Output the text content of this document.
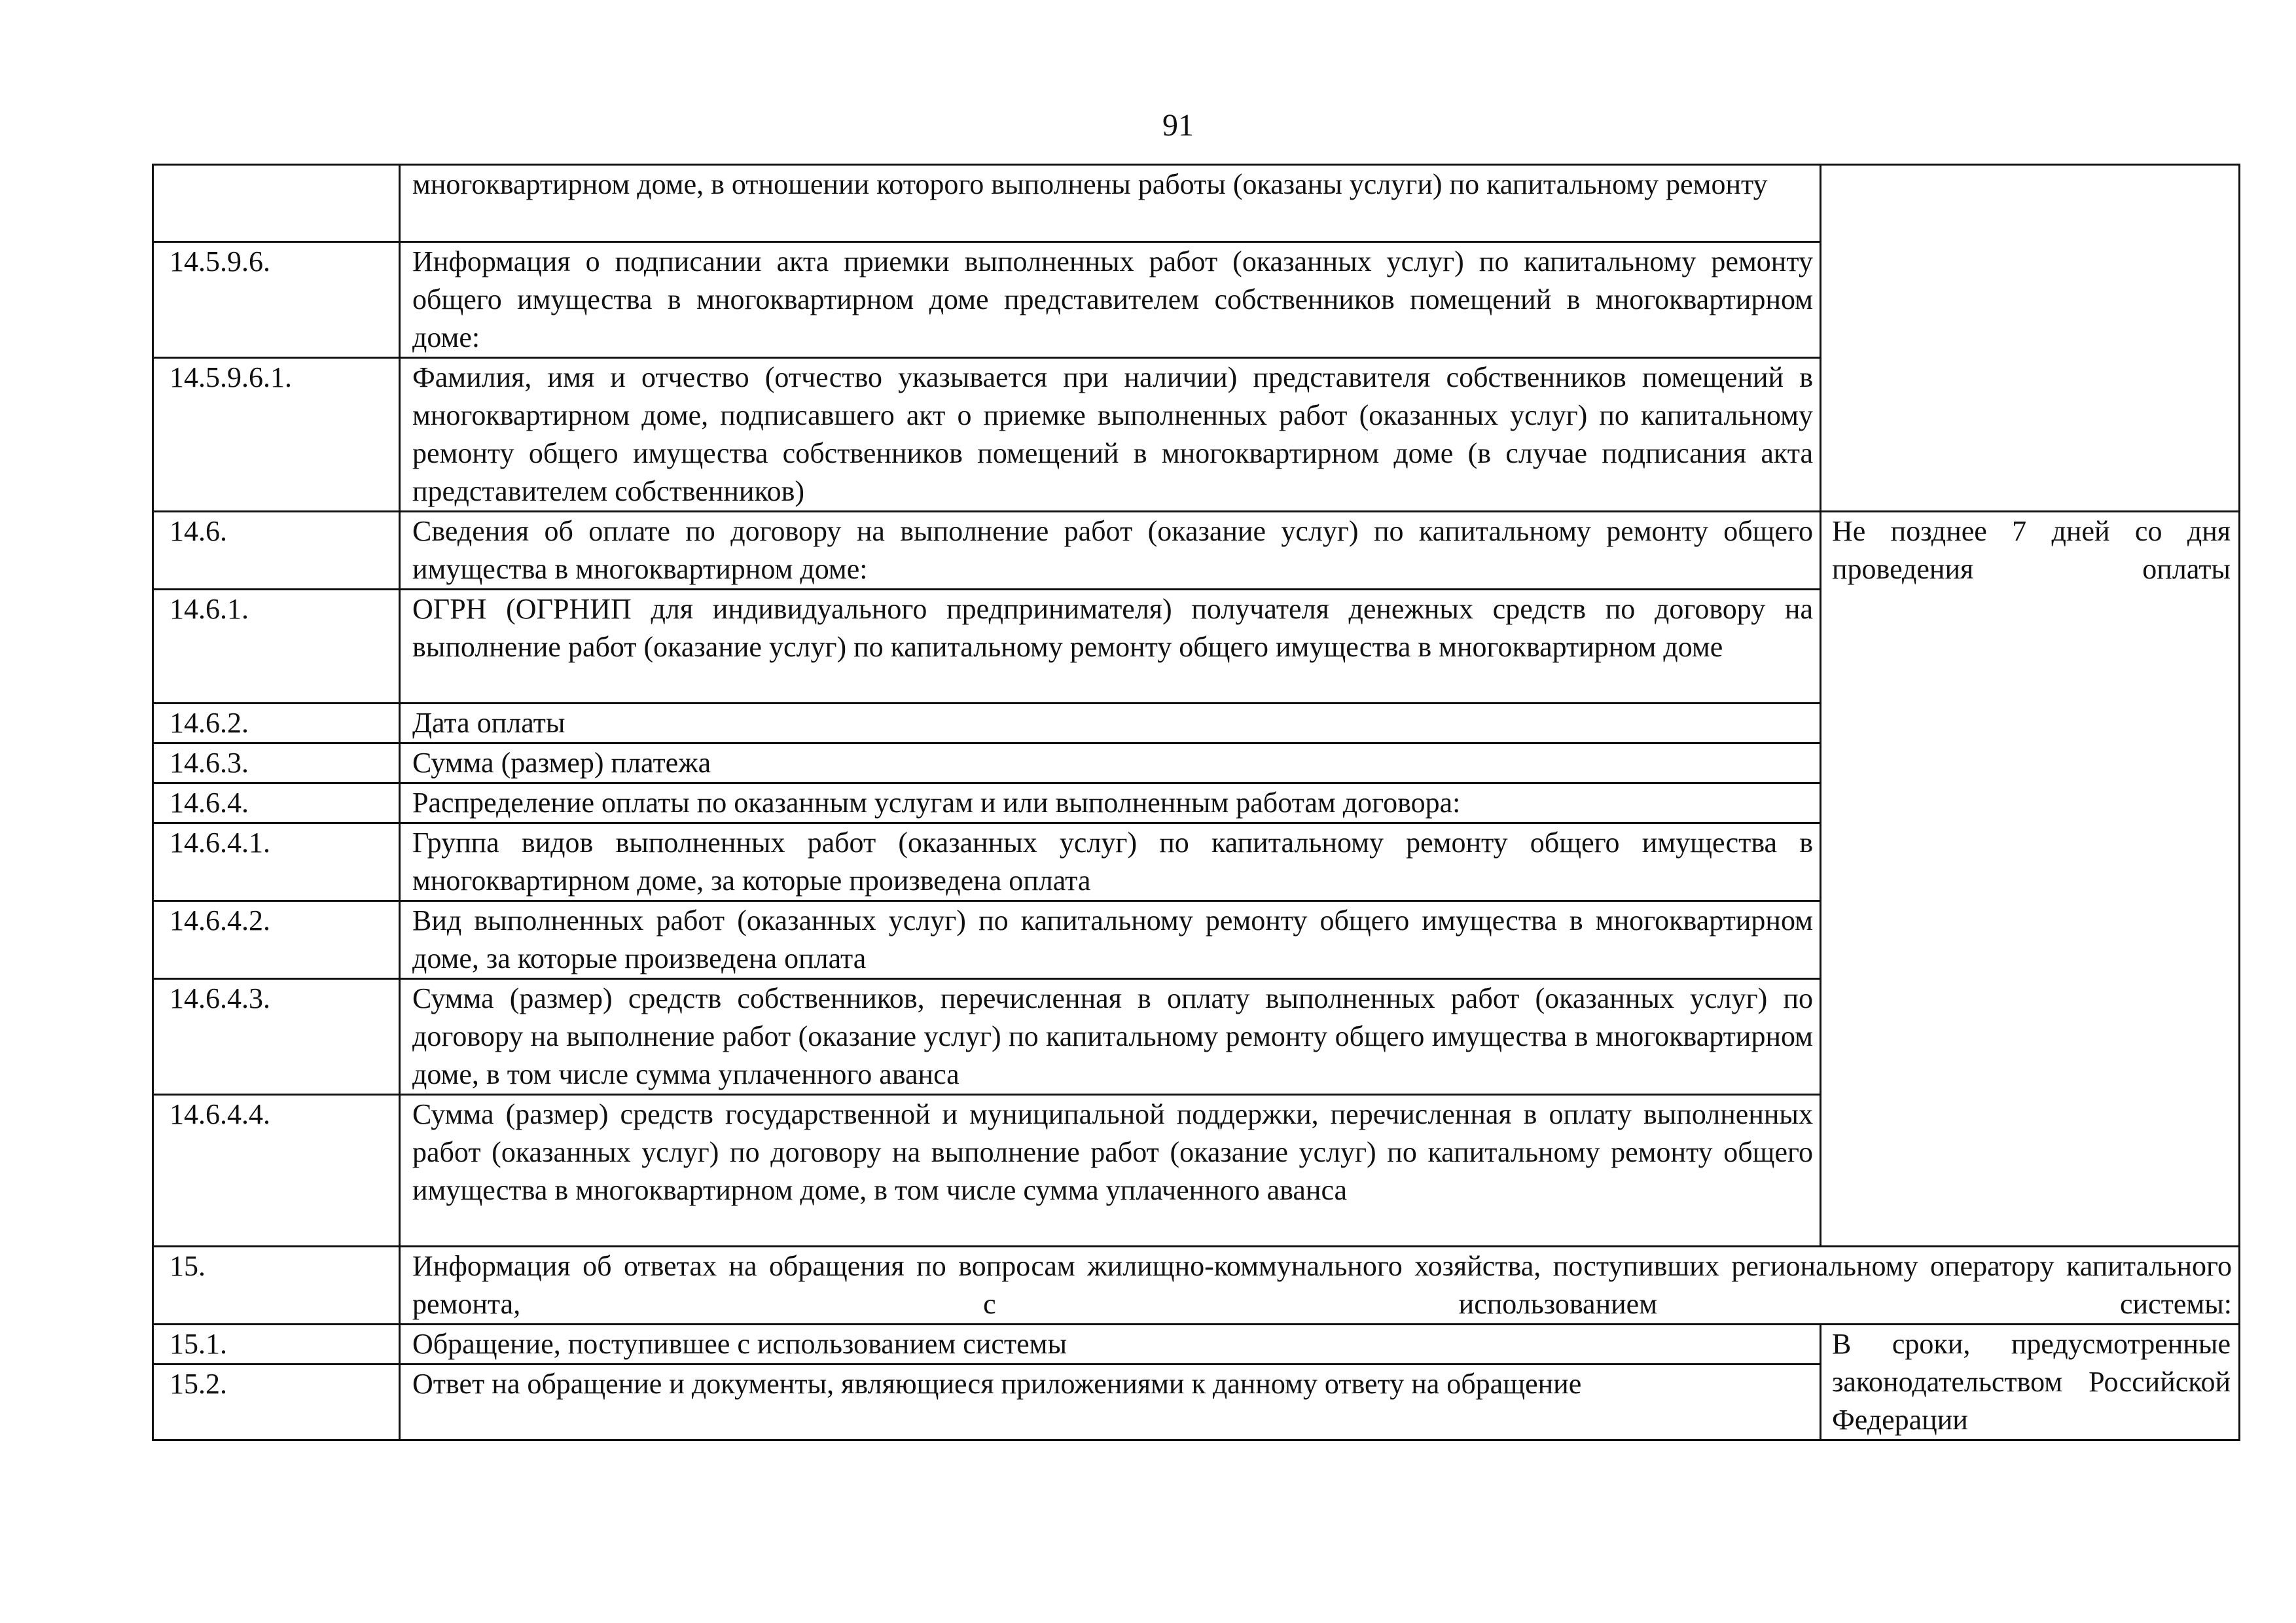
91
	многоквартирном доме, в отношении которого выполнены работы (оказаны услуги) по капитальному ремонту	
14.5.9.6.	Информация о подписании акта приемки выполненных работ (оказанных услуг) по капитальному ремонту общего имущества в многоквартирном доме представителем собственников помещений в многоквартирном доме:	
14.5.9.6.1.	Фамилия, имя и отчество (отчество указывается при наличии) представителя собственников помещений в многоквартирном доме, подписавшего акт о приемке выполненных работ (оказанных услуг) по капитальному ремонту общего имущества собственников помещений в многоквартирном доме (в случае подписания акта представителем собственников)	
14.6.	Сведения об оплате по договору на выполнение работ (оказание услуг) по капитальному ремонту общего имущества в многоквартирном доме:	Не позднее 7 дней со дня проведения оплаты
14.6.1.	ОГРН (ОГРНИП для индивидуального предпринимателя) получателя денежных средств по договору на выполнение работ (оказание услуг) по капитальному ремонту общего имущества в многоквартирном доме	
14.6.2.	Дата оплаты	
14.6.3.	Сумма (размер) платежа	
14.6.4.	Распределение оплаты по оказанным услугам и или выполненным работам договора:	
14.6.4.1.	Группа видов выполненных работ (оказанных услуг) по капитальному ремонту общего имущества в многоквартирном доме, за которые произведена оплата	
14.6.4.2.	Вид выполненных работ (оказанных услуг) по капитальному ремонту общего имущества в многоквартирном доме, за которые произведена оплата	
14.6.4.3.	Сумма (размер) средств собственников, перечисленная в оплату выполненных работ (оказанных услуг) по договору на выполнение работ (оказание услуг) по капитальному ремонту общего имущества в многоквартирном доме, в том числе сумма уплаченного аванса	
14.6.4.4.	Сумма (размер) средств государственной и муниципальной поддержки, перечисленная в оплату выполненных работ (оказанных услуг) по договору на выполнение работ (оказание услуг) по капитальному ремонту общего имущества в многоквартирном доме, в том числе сумма уплаченного аванса	
15.	Информация об ответах на обращения по вопросам жилищно-коммунального хозяйства, поступивших региональному оператору капитального ремонта, с использованием системы:	
15.1.	Обращение, поступившее с использованием системы	В сроки, предусмотренные законодательством Российской Федерации
15.2.	Ответ на обращение и документы, являющиеся приложениями к данному ответу на обращение	
